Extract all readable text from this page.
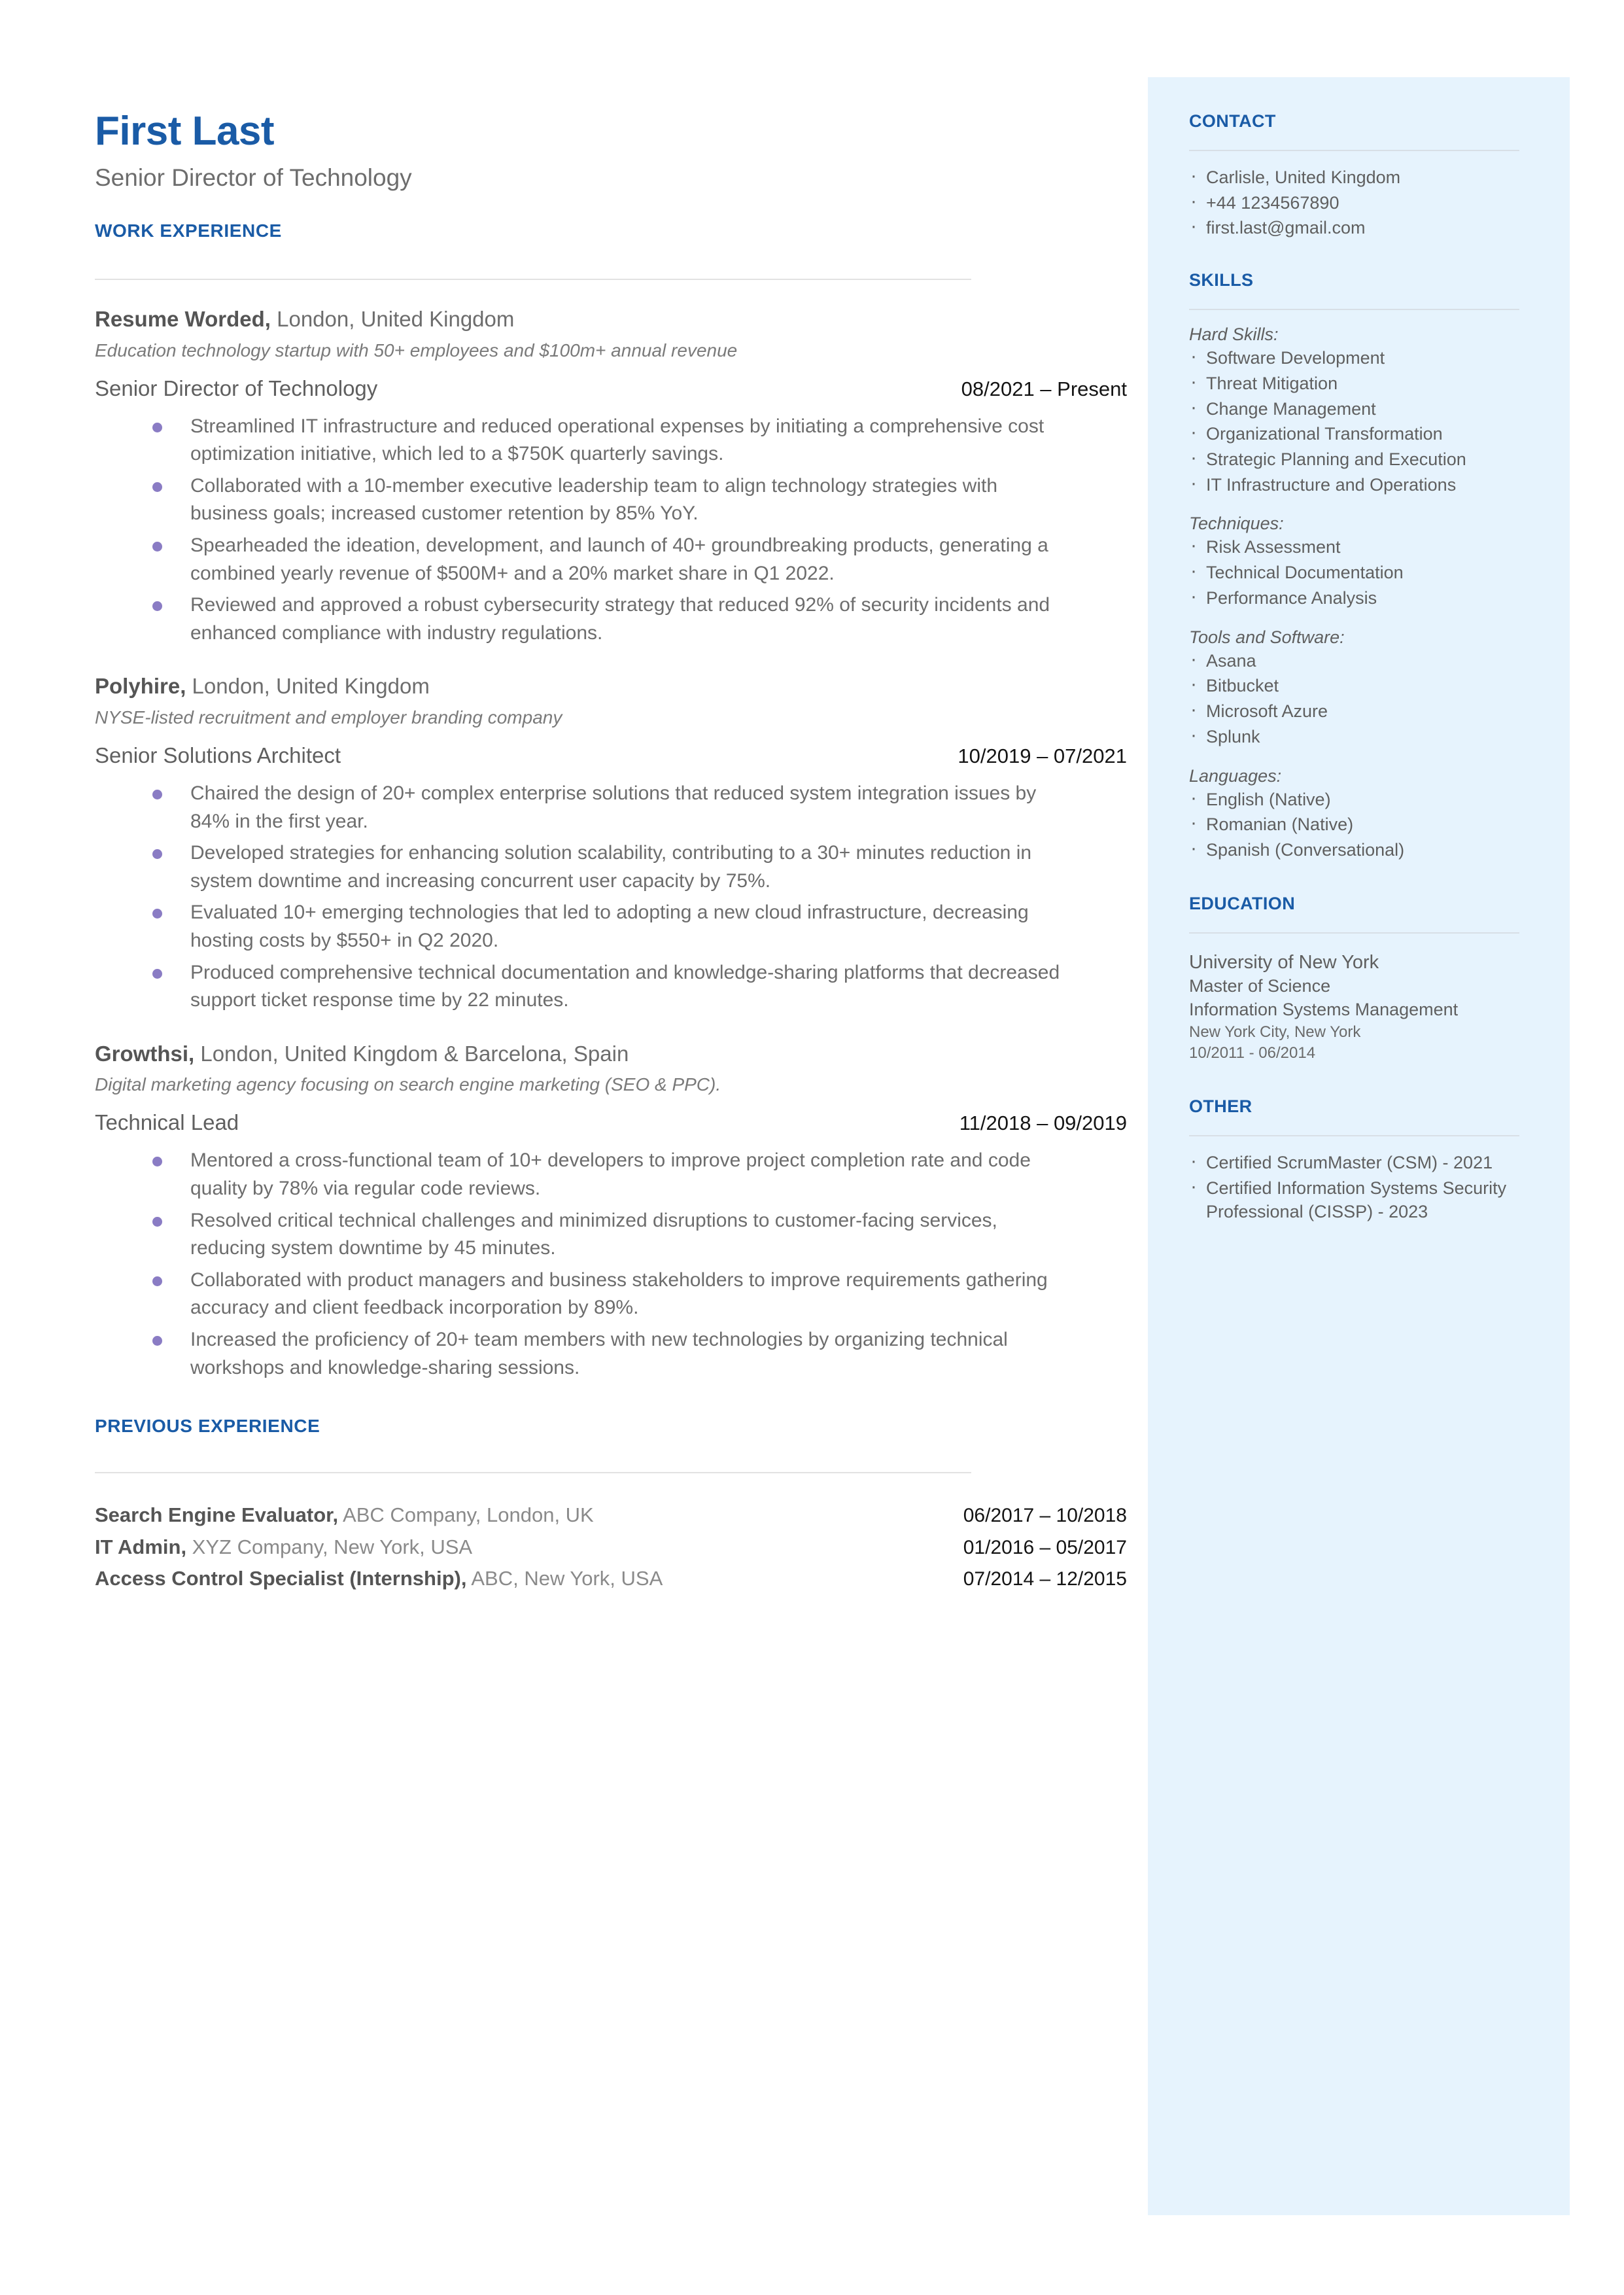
First Last
Senior Director of Technology
WORK EXPERIENCE
Resume Worded, London, United Kingdom
Education technology startup with 50+ employees and $100m+ annual revenue
Senior Director of Technology	08/2021 – Present
Streamlined IT infrastructure and reduced operational expenses by initiating a comprehensive cost optimization initiative, which led to a $750K quarterly savings.
Collaborated with a 10-member executive leadership team to align technology strategies with business goals; increased customer retention by 85% YoY.
Spearheaded the ideation, development, and launch of 40+ groundbreaking products, generating a combined yearly revenue of $500M+ and a 20% market share in Q1 2022.
Reviewed and approved a robust cybersecurity strategy that reduced 92% of security incidents and enhanced compliance with industry regulations.
Polyhire, London, United Kingdom
NYSE-listed recruitment and employer branding company
Senior Solutions Architect	10/2019 – 07/2021
Chaired the design of 20+ complex enterprise solutions that reduced system integration issues by 84% in the first year.
Developed strategies for enhancing solution scalability, contributing to a 30+ minutes reduction in system downtime and increasing concurrent user capacity by 75%.
Evaluated 10+ emerging technologies that led to adopting a new cloud infrastructure, decreasing hosting costs by $550+ in Q2 2020.
Produced comprehensive technical documentation and knowledge-sharing platforms that decreased support ticket response time by 22 minutes.
Growthsi, London, United Kingdom & Barcelona, Spain
Digital marketing agency focusing on search engine marketing (SEO & PPC).
Technical Lead	11/2018 – 09/2019
Mentored a cross-functional team of 10+ developers to improve project completion rate and code quality by 78% via regular code reviews.
Resolved critical technical challenges and minimized disruptions to customer-facing services, reducing system downtime by 45 minutes.
Collaborated with product managers and business stakeholders to improve requirements gathering accuracy and client feedback incorporation by 89%.
Increased the proficiency of 20+ team members with new technologies by organizing technical workshops and knowledge-sharing sessions.
PREVIOUS EXPERIENCE
Search Engine Evaluator, ABC Company, London, UK	06/2017 – 10/2018
IT Admin, XYZ Company, New York, USA	01/2016 – 05/2017
Access Control Specialist (Internship), ABC, New York, USA	07/2014 – 12/2015
CONTACT
· Carlisle, United Kingdom
· +44 1234567890
· first.last@gmail.com
SKILLS
Hard Skills:
· Software Development
· Threat Mitigation
· Change Management
· Organizational Transformation
· Strategic Planning and Execution
· IT Infrastructure and Operations
Techniques:
· Risk Assessment
· Technical Documentation
· Performance Analysis
Tools and Software:
· Asana
· Bitbucket
· Microsoft Azure
· Splunk
Languages:
· English (Native)
· Romanian (Native)
· Spanish (Conversational)
EDUCATION
University of New York
Master of Science
Information Systems Management
New York City, New York
10/2011 - 06/2014
OTHER
· Certified ScrumMaster (CSM) - 2021
· Certified Information Systems Security Professional (CISSP) - 2023
